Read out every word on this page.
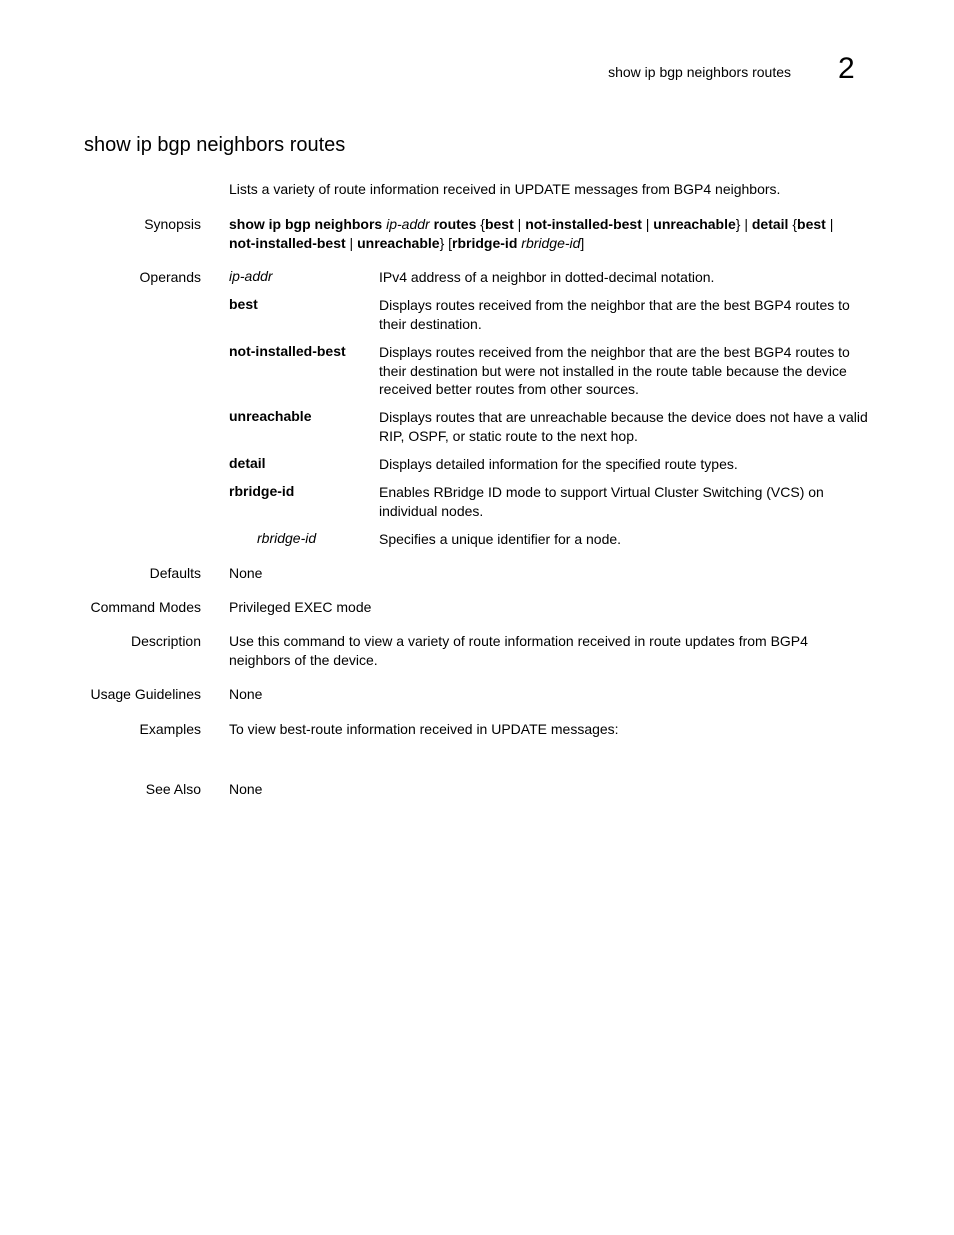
show ip bgp neighbors routes 2
show ip bgp neighbors routes
Lists a variety of route information received in UPDATE messages from BGP4 neighbors.
Synopsis show ip bgp neighbors ip-addr routes {best | not-installed-best | unreachable} | detail {best |
not-installed-best | unreachable} [rbridge-id rbridge-id]
Operands ip-addr	IPv4 address of a neighbor in dotted-decimal notation.
best	Displays routes received from the neighbor that are the best BGP4 routes to their destination.
not-installed-best Displays routes received from the neighbor that are the best BGP4 routes to their destination but were not installed in the route table because the device received better routes from other sources.
unreachable	Displays routes that are unreachable because the device does not have a valid RIP, OSPF, or static route to the next hop.
detail	Displays detailed information for the specified route types.
rbridge-id	Enables RBridge ID mode to support Virtual Cluster Switching (VCS) on individual nodes.
rbridge-id	Specifies a unique identifier for a node.
Defaults None
Command Modes Privileged EXEC mode
Description Use this command to view a variety of route information received in route updates from BGP4 neighbors of the device.
Usage Guidelines None
Examples To view best-route information received in UPDATE messages:
See Also None
